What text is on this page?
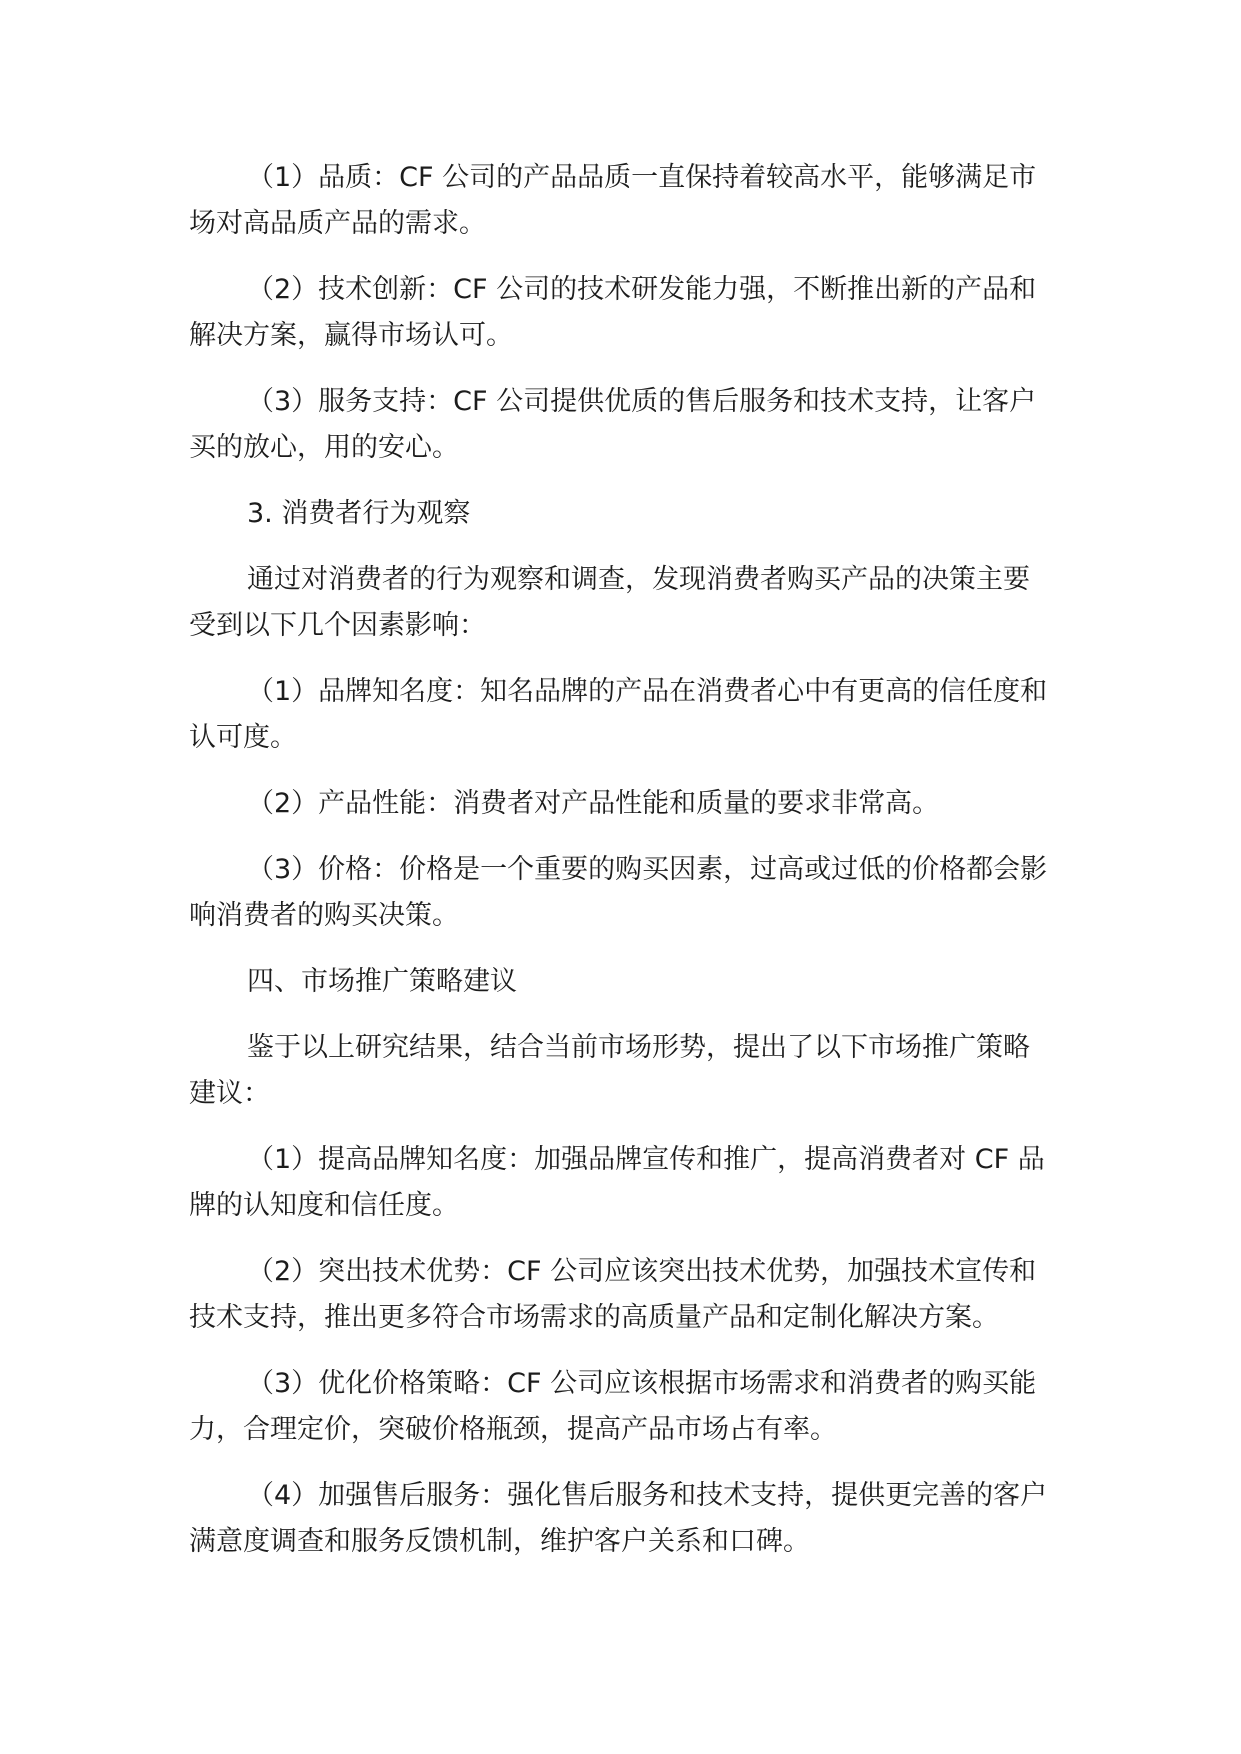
（1）品质：CF 公司的产品品质一直保持着较高水平，能够满足市
场对高品质产品的需求。
（2）技术创新：CF 公司的技术研发能力强，不断推出新的产品和
解决方案，赢得市场认可。
（3）服务支持：CF 公司提供优质的售后服务和技术支持，让客户
买的放心，用的安心。
3. 消费者行为观察
通过对消费者的行为观察和调查，发现消费者购买产品的决策主要
受到以下几个因素影响：
（1）品牌知名度：知名品牌的产品在消费者心中有更高的信任度和
认可度。
（2）产品性能：消费者对产品性能和质量的要求非常高。
（3）价格：价格是一个重要的购买因素，过高或过低的价格都会影
响消费者的购买决策。
四、市场推广策略建议
鉴于以上研究结果，结合当前市场形势，提出了以下市场推广策略
建议：
（1）提高品牌知名度：加强品牌宣传和推广，提高消费者对 CF 品
牌的认知度和信任度。
（2）突出技术优势：CF 公司应该突出技术优势，加强技术宣传和
技术支持，推出更多符合市场需求的高质量产品和定制化解决方案。
（3）优化价格策略：CF 公司应该根据市场需求和消费者的购买能
力，合理定价，突破价格瓶颈，提高产品市场占有率。
（4）加强售后服务：强化售后服务和技术支持，提供更完善的客户
满意度调查和服务反馈机制，维护客户关系和口碑。
